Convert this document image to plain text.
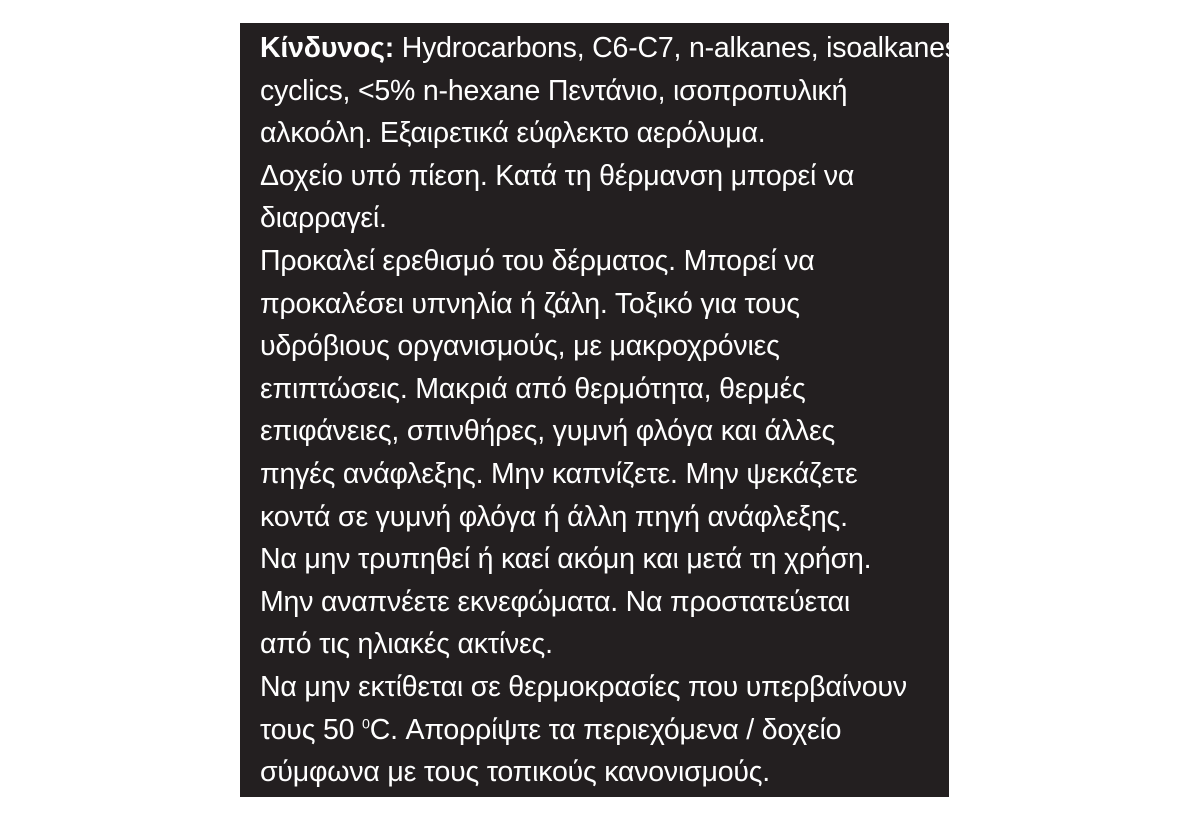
Κίνδυνος: Hydrocarbons, C6-C7, n-alkanes, isoalkanes,
cyclics, <5% n-hexane Πεντάνιο, ισοπροπυλική
αλκοόλη. Εξαιρετικά εύφλεκτο αερόλυμα.
Δοχείο υπό πίεση. Κατά τη θέρμανση μπορεί να
διαρραγεί.
Προκαλεί ερεθισμό του δέρματος. Μπορεί να
προκαλέσει υπνηλία ή ζάλη. Τοξικό για τους
υδρόβιους οργανισμούς, με μακροχρόνιες
επιπτώσεις. Μακριά από θερμότητα, θερμές
επιφάνειες, σπινθήρες, γυμνή φλόγα και άλλες
πηγές ανάφλεξης. Μην καπνίζετε. Μην ψεκάζετε
κοντά σε γυμνή φλόγα ή άλλη πηγή ανάφλεξης.
Να μην τρυπηθεί ή καεί ακόμη και μετά τη χρήση.
Μην αναπνέετε εκνεφώματα. Να προστατεύεται
από τις ηλιακές ακτίνες.
Να μην εκτίθεται σε θερμοκρασίες που υπερβαίνουν
τους 50 $^0$C. Απορρίψτε τα περιεχόμενα / δοχείο
σύμφωνα με τους τοπικούς κανονισμούς.
